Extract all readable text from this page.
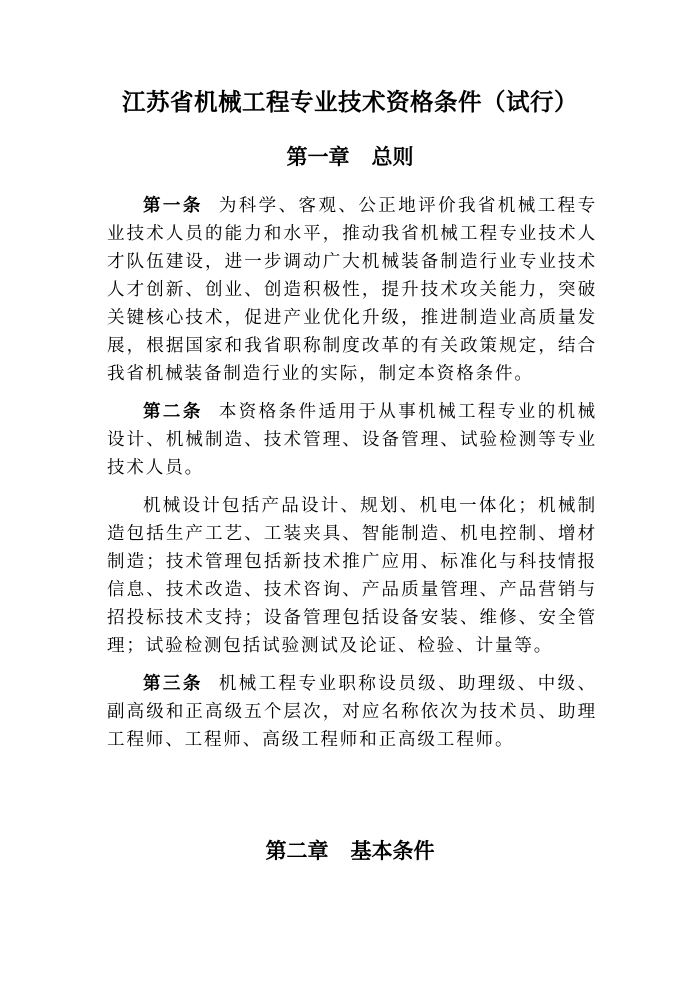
江苏省机械工程专业技术资格条件（试行）
第一章 总则

第一条 为科学、客观、公正地评价我省机械工程专业技术人员的能力和水平，推动我省机械工程专业技术人才队伍建设，进一步调动广大机械装备制造行业专业技术人才创新、创业、创造积极性，提升技术攻关能力，突破关键核心技术，促进产业优化升级，推进制造业高质量发展，根据国家和我省职称制度改革的有关政策规定，结合我省机械装备制造行业的实际，制定本资格条件。

第二条 本资格条件适用于从事机械工程专业的机械设计、机械制造、技术管理、设备管理、试验检测等专业技术人员。

机械设计包括产品设计、规划、机电一体化；机械制造包括生产工艺、工装夹具、智能制造、机电控制、增材制造；技术管理包括新技术推广应用、标准化与科技情报信息、技术改造、技术咨询、产品质量管理、产品营销与招投标技术支持；设备管理包括设备安装、维修、安全管理；试验检测包括试验测试及论证、检验、计量等。

第三条 机械工程专业职称设员级、助理级、中级、副高级和正高级五个层次，对应名称依次为技术员、助理工程师、工程师、高级工程师和正高级工程师。

第二章 基本条件
